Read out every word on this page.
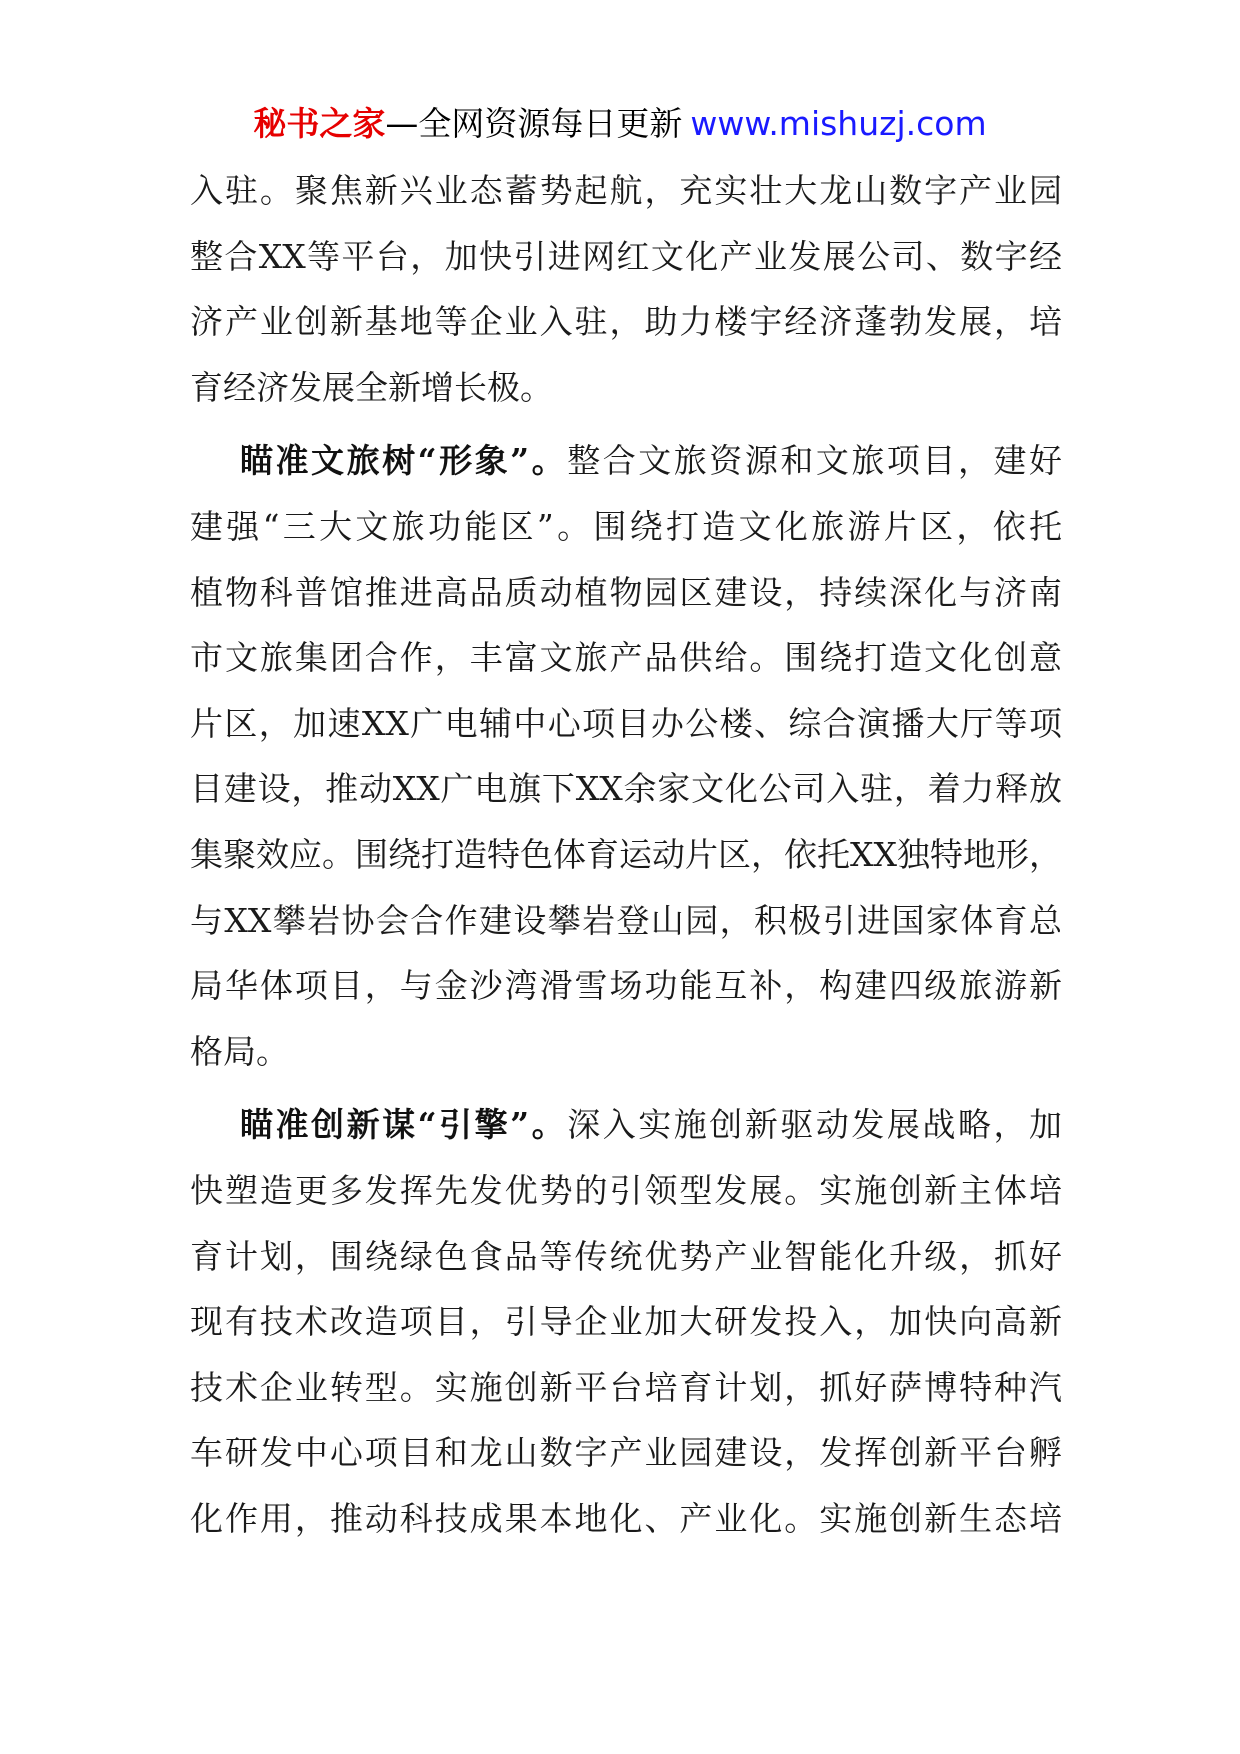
秘书之家—全网资源每日更新 www.mishuzj.com
入驻。聚焦新兴业态蓄势起航，充实壮大龙山数字产业园
整合XX等平台，加快引进网红文化产业发展公司、数字经
济产业创新基地等企业入驻，助力楼宇经济蓬勃发展，培
育经济发展全新增长极。
瞄准文旅树“形象”。整合文旅资源和文旅项目，建好
建强“三大文旅功能区”。围绕打造文化旅游片区，依托
植物科普馆推进高品质动植物园区建设，持续深化与济南
市文旅集团合作，丰富文旅产品供给。围绕打造文化创意
片区，加速XX广电辅中心项目办公楼、综合演播大厅等项
目建设，推动XX广电旗下XX余家文化公司入驻，着力释放
集聚效应。围绕打造特色体育运动片区，依托XX独特地形，
与XX攀岩协会合作建设攀岩登山园，积极引进国家体育总
局华体项目，与金沙湾滑雪场功能互补，构建四级旅游新
格局。
瞄准创新谋“引擎”。深入实施创新驱动发展战略，加
快塑造更多发挥先发优势的引领型发展。实施创新主体培
育计划，围绕绿色食品等传统优势产业智能化升级，抓好
现有技术改造项目，引导企业加大研发投入，加快向高新
技术企业转型。实施创新平台培育计划，抓好萨博特种汽
车研发中心项目和龙山数字产业园建设，发挥创新平台孵
化作用，推动科技成果本地化、产业化。实施创新生态培
